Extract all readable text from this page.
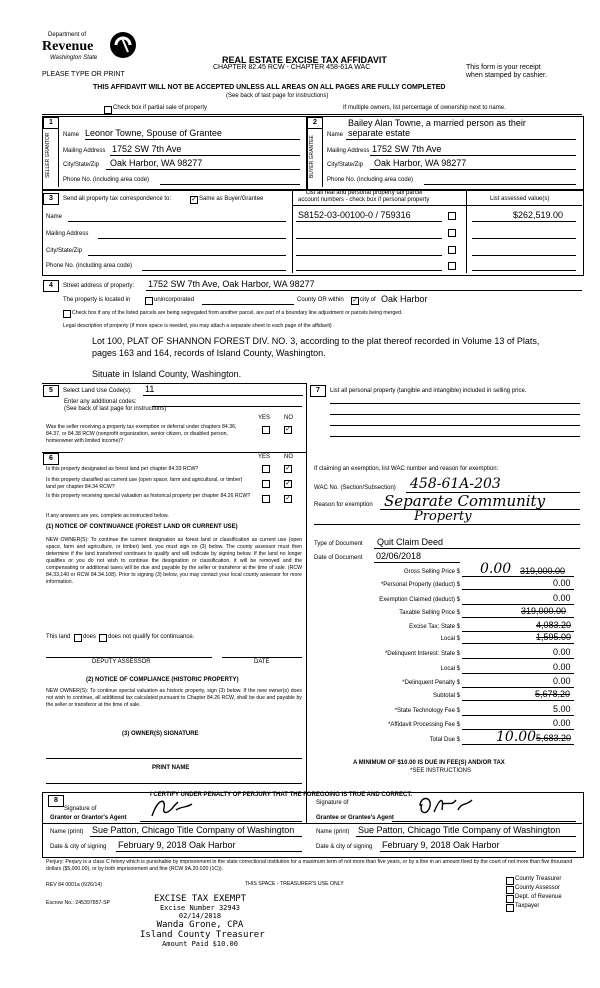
Department of
Revenue
Washington State
PLEASE TYPE OR PRINT
REAL ESTATE EXCISE TAX AFFIDAVIT
CHAPTER 82.45 RCW - CHAPTER 458-61A WAC	This form is your receipt
when stamped by cashier.
THIS AFFIDAVIT WILL NOT BE ACCEPTED UNLESS ALL AREAS ON ALL PAGES ARE FULLY COMPLETED
(See back of last page for instructions)
Check box if partial sale of property	If multiple owners, list percentage of ownership next to name.
1
SELLER GRANTOR Name Leonor Towne, Spouse of Grantee
Mailing Address 1752 SW 7th Ave
City/State/Zip Oak Harbor, WA 98277
Phone No. (including area code)
2
BUYER GRANTEE
Bailey Alan Towne, a married person as their
Name separate estate
Mailing Address 1752 SW 7th Ave
City/State/Zip Oak Harbor, WA 98277
Phone No. (including area code)
3	Send all property tax correspondence to:	✓ Same as Buyer/Grantee
List all real and personal property tax parcel
account numbers - check box if personal property	List assessed value(s)
Name
Mailing Address
City/State/Zip
Phone No. (including area code)
S8152-03-00100-0 / 759316	$262,519.00
4	Street address of property: 1752 SW 7th Ave, Oak Harbor, WA 98277
The property is located in	unincorporated	County OR within ✓ city of Oak Harbor
Check box if any of the listed parcels are being segregated from another parcel, are part of a boundary line adjustment or parcels being merged.
Legal description of property (if more space is needed, you may attach a separate sheet to each page of the affidavit)
Lot 100, PLAT OF SHANNON FOREST DIV. NO. 3, according to the plat thereof recorded in Volume 13 of Plats,
pages 163 and 164, records of Island County, Washington.
Situate in Island County, Washington.
5	Select Land Use Code(s): 11
Enter any additional codes:
(See back of last page for instructions)
YES NO
Was the seller receiving a property tax exemption or deferral under chapters 84.36, 84.37, or 84.38 RCW (nonprofit organization, senior citizen, or disabled person, homeowner with limited income)?
✓
6	YES NO
Is this property designated as forest land per chapter 84.33 RCW?	✓
Is this property classified as current use (open space, farm and agricultural, or timber) land per chapter 84.34 RCW?	✓
Is this property receiving special valuation as historical property per chapter 84.26 RCW?	✓
If any answers are yes, complete as instructed below.
(1) NOTICE OF CONTINUANCE (FOREST LAND OR CURRENT USE)
NEW OWNER(S): To continue the current designation as forest land or classification as current use (open space, farm and agriculture, or timber) land, you must sign on (3) below. The county assessor must then determine if the land transferred continues to qualify and will indicate by signing below. If the land no longer qualifies or you do not wish to continue the designation or classification, it will be removed and the compensating or additional taxes will be due and payable by the seller or transferor at the time of sale. (RCW 84.33.140 or RCW 84.34.108). Prior to signing (3) below, you may contact your local county assessor for more information.
This land does does not qualify for continuance.
DEPUTY ASSESSOR	DATE
(2) NOTICE OF COMPLIANCE (HISTORIC PROPERTY)
NEW OWNER(S): To continue special valuation as historic property, sign (3) below. If the new owner(s) does not wish to continue, all additional tax calculated pursuant to Chapter 84.26 RCW, shall be due and payable by the seller or transferor at the time of sale.
(3) OWNER(S) SIGNATURE
PRINT NAME
7	List all personal property (tangible and intangible) included in selling price.
If claiming an exemption, list WAC number and reason for exemption:
WAC No. (Section/Subsection) 458-61A-203
Reason for exemption Separate Community
Property
Type of Document Quit Claim Deed
Date of Document 02/06/2018
Gross Selling Price $ 0.00 319,000.00
*Personal Property (deduct) $	0.00
Exemption Claimed (deduct) $	0.00
Taxable Selling Price $	319,000.00
Excise Tax: State $	4,083.20
Local $	1,595.00
*Delinquent Interest: State $	0.00
Local $	0.00
*Delinquent Penalty $	0.00
Subtotal $	5,678.20
*State Technology Fee $	5.00
*Affidavit Processing Fee $	0.00
Total Due $	10.00 5,683.20
A MINIMUM OF $10.00 IS DUE IN FEE(S) AND/OR TAX
*SEE INSTRUCTIONS
8
I CERTIFY UNDER PENALTY OF PERJURY THAT THE FOREGOING IS TRUE AND CORRECT.
Signature of
Grantor or Grantor's Agent
Signature of
Grantee or Grantee's Agent
Name (print) Sue Patton, Chicago Title Company of Washington	Name (print) Sue Patton, Chicago Title Company of Washington
Date & city of signing February 9, 2018 Oak Harbor	Date & city of signing February 9, 2018 Oak Harbor
Perjury: Perjury is a class C felony which is punishable by imprisonment in the state correctional institution for a maximum term of not more than five years, or by a fine in an amount fixed by the court of not more than five thousand dollars ($5,000.00), or by both imprisonment and fine (RCW 9A.20.020 (1C)).
REV 84 0001a (6/26/14)	THIS SPACE - TREASURER'S USE ONLY
Escrow No.: 245397857-SP	EXCISE TAX EXEMPT
Excise Number 32943
02/14/2018
Wanda Grone, CPA
Island County Treasurer
Amount Paid $10.00
County Treasurer
County Assessor
Dept. of Revenue
Taxpayer
